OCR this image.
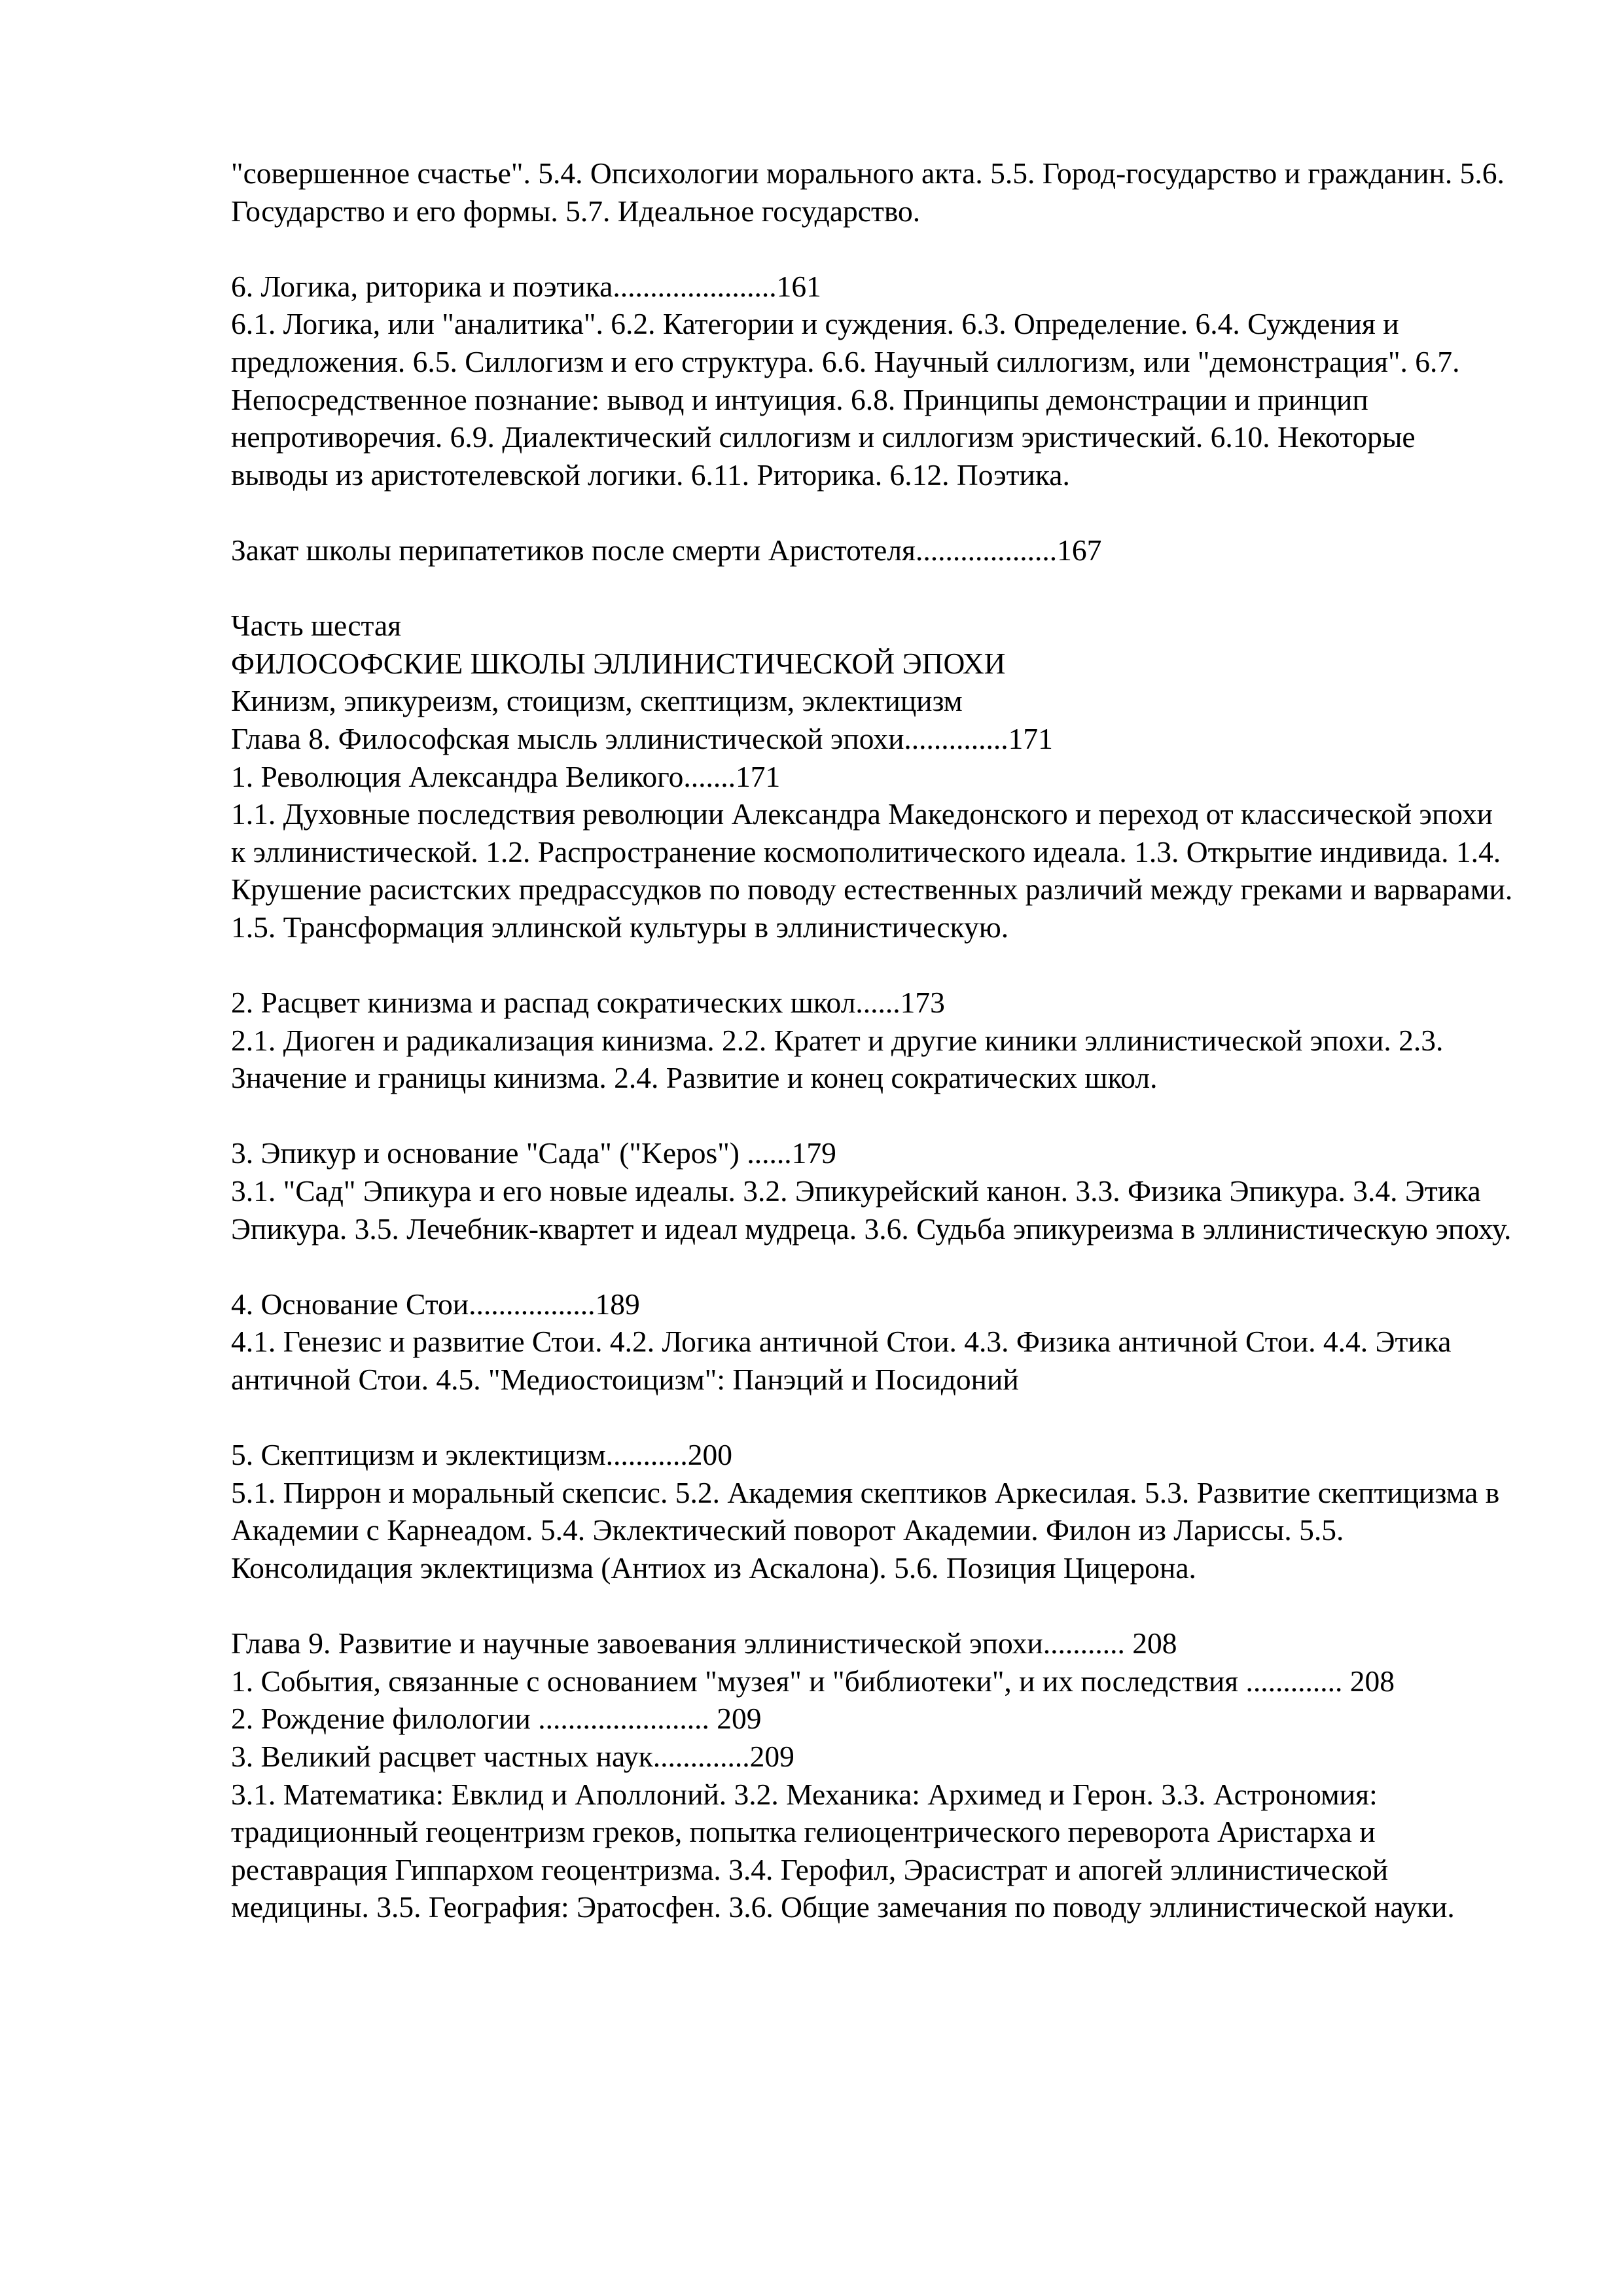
"совершенное счастье". 5.4. Опсихологии морального акта. 5.5. Город-государство и гражданин. 5.6. Государство и его формы. 5.7. Идеальное государство.

6. Логика, риторика и поэтика......................161

6.1. Логика, или "аналитика". 6.2. Категории и суждения. 6.3. Определение. 6.4. Суждения и предложения. 6.5. Силлогизм и его структура. 6.6. Научный силлогизм, или "демонстрация". 6.7. Непосредственное познание: вывод и интуиция. 6.8. Принципы демонстрации и принцип непротиворечия. 6.9. Диалектический силлогизм и силлогизм эристический. 6.10. Некоторые выводы из аристотелевской логики. 6.11. Риторика. 6.12. Поэтика.

Закат школы перипатетиков после смерти Аристотеля...................167

Часть шестая

ФИЛОСОФСКИЕ ШКОЛЫ ЭЛЛИНИСТИЧЕСКОЙ ЭПОХИ

Кинизм, эпикуреизм, стоицизм, скептицизм, эклектицизм

Глава 8. Философская мысль эллинистической эпохи..............171

1. Революция Александра Великого.......171

1.1. Духовные последствия революции Александра Македонского и переход от классической эпохи к эллинистической. 1.2. Распространение космополитического идеала. 1.3. Открытие индивида. 1.4. Крушение расистских предрассудков по поводу естественных различий между греками и варварами. 1.5. Трансформация эллинской культуры в эллинистическую.

2. Расцвет кинизма и распад сократических школ......173

2.1. Диоген и радикализация кинизма. 2.2. Кратет и другие киники эллинистической эпохи. 2.3. Значение и границы кинизма. 2.4. Развитие и конец сократических школ.

3. Эпикур и основание "Сада" ("Kepos") ......179

3.1. "Сад" Эпикура и его новые идеалы. 3.2. Эпикурейский канон. 3.3. Физика Эпикура. 3.4. Этика Эпикура. 3.5. Лечебник-квартет и идеал мудреца. 3.6. Судьба эпикуреизма в эллинистическую эпоху.

4. Основание Стои.................189

4.1. Генезис и развитие Стои. 4.2. Логика античной Стои. 4.3. Физика античной Стои. 4.4. Этика античной Стои. 4.5. "Медиостоицизм": Панэций и Посидоний

5. Скептицизм и эклектицизм...........200

5.1. Пиррон и моральный скепсис. 5.2. Академия скептиков Аркесилая. 5.3. Развитие скептицизма в Академии с Карнеадом. 5.4. Эклектический поворот Академии. Филон из Лариссы. 5.5. Консолидация эклектицизма (Антиох из Аскалона). 5.6. Позиция Цицерона.

Глава 9. Развитие и научные завоевания эллинистической эпохи........... 208

1. События, связанные с основанием "музея" и "библиотеки", и их последствия ............. 208

2. Рождение филологии ....................... 209

3. Великий расцвет частных наук.............209

3.1. Математика: Евклид и Аполлоний. 3.2. Механика: Архимед и Герон. 3.3. Астрономия: традиционный геоцентризм греков, попытка гелиоцентрического переворота Аристарха и реставрация Гиппархом геоцентризма. 3.4. Герофил, Эрасистрат и апогей эллинистической медицины. 3.5. География: Эратосфен. 3.6. Общие замечания по поводу эллинистической науки.
